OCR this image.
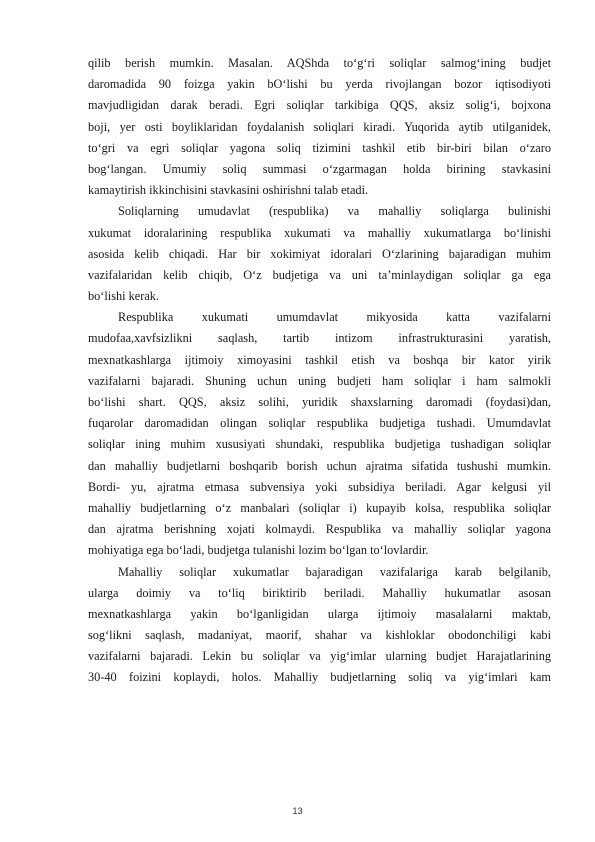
qilib berish mumkin. Masalan. AQShda to‘g‘ri soliqlar salmog‘ining budjet
daromadida 90 foizga yakin bO‘lishi bu yerda rivojlangan bozor iqtisodiyoti
mavjudligidan darak beradi. Egri soliqlar tarkibiga QQS, aksiz solig‘i, bojxona
boji, yer osti boyliklaridan foydalanish soliqlari kiradi. Yuqorida aytib utilganidek,
to‘gri va egri soliqlar yagona soliq tizimini tashkil etib bir-biri bilan o‘zaro
bog‘langan. Umumiy soliq summasi o‘zgarmagan holda birining stavkasini
kamaytirish ikkinchisini stavkasini oshirishni talab etadi.
Soliqlarning umudavlat (respublika) va mahalliy soliqlarga bulinishi
xukumat idoralarining respublika xukumati va mahalliy xukumatlarga bo‘linishi
asosida kelib chiqadi. Har bir xokimiyat idoralari O‘zlarining bajaradigan muhim
vazifalaridan kelib chiqib, O‘z budjetiga va uni ta’minlaydigan soliqlar ga ega
bo‘lishi kerak.
Respublika xukumati umumdavlat mikyosida katta vazifalarni
mudofaa,xavfsizlikni saqlash, tartib intizom infrastrukturasini yaratish,
mexnatkashlarga ijtimoiy ximoyasini tashkil etish va boshqa bir kator yirik
vazifalarni bajaradi. Shuning uchun uning budjeti ham soliqlar i ham salmokli
bo‘lishi shart. QQS, aksiz solihi, yuridik shaxslarning daromadi (foydasi)dan,
fuqarolar daromadidan olingan soliqlar respublika budjetiga tushadi. Umumdavlat
soliqlar ining muhim xususiyati shundaki, respublika budjetiga tushadigan soliqlar
dan mahalliy budjetlarni boshqarib borish uchun ajratma sifatida tushushi mumkin.
Bordi- yu, ajratma etmasa subvensiya yoki subsidiya beriladi. Agar kelgusi yil
mahalliy budjetlarning o‘z manbalari (soliqlar i) kupayib kolsa, respublika soliqlar
dan ajratma berishning xojati kolmaydi. Respublika va mahalliy soliqlar yagona
mohiyatiga ega bo‘ladi, budjetga tulanishi lozim bo‘lgan to‘lovlardir.
Mahalliy soliqlar xukumatlar bajaradigan vazifalariga karab belgilanib,
ularga doimiy va to‘liq biriktirib beriladi. Mahalliy hukumatlar asosan
mexnatkashlarga yakin bo‘lganligidan ularga ijtimoiy masalalarni maktab,
sog‘likni saqlash, madaniyat, maorif, shahar va kishloklar obodonchiligi kabi
vazifalarni bajaradi. Lekin bu soliqlar va yig‘imlar ularning budjet Harajatlarining
30-40 foizini koplaydi, holos. Mahalliy budjetlarning soliq va yig‘imlari kam
13
